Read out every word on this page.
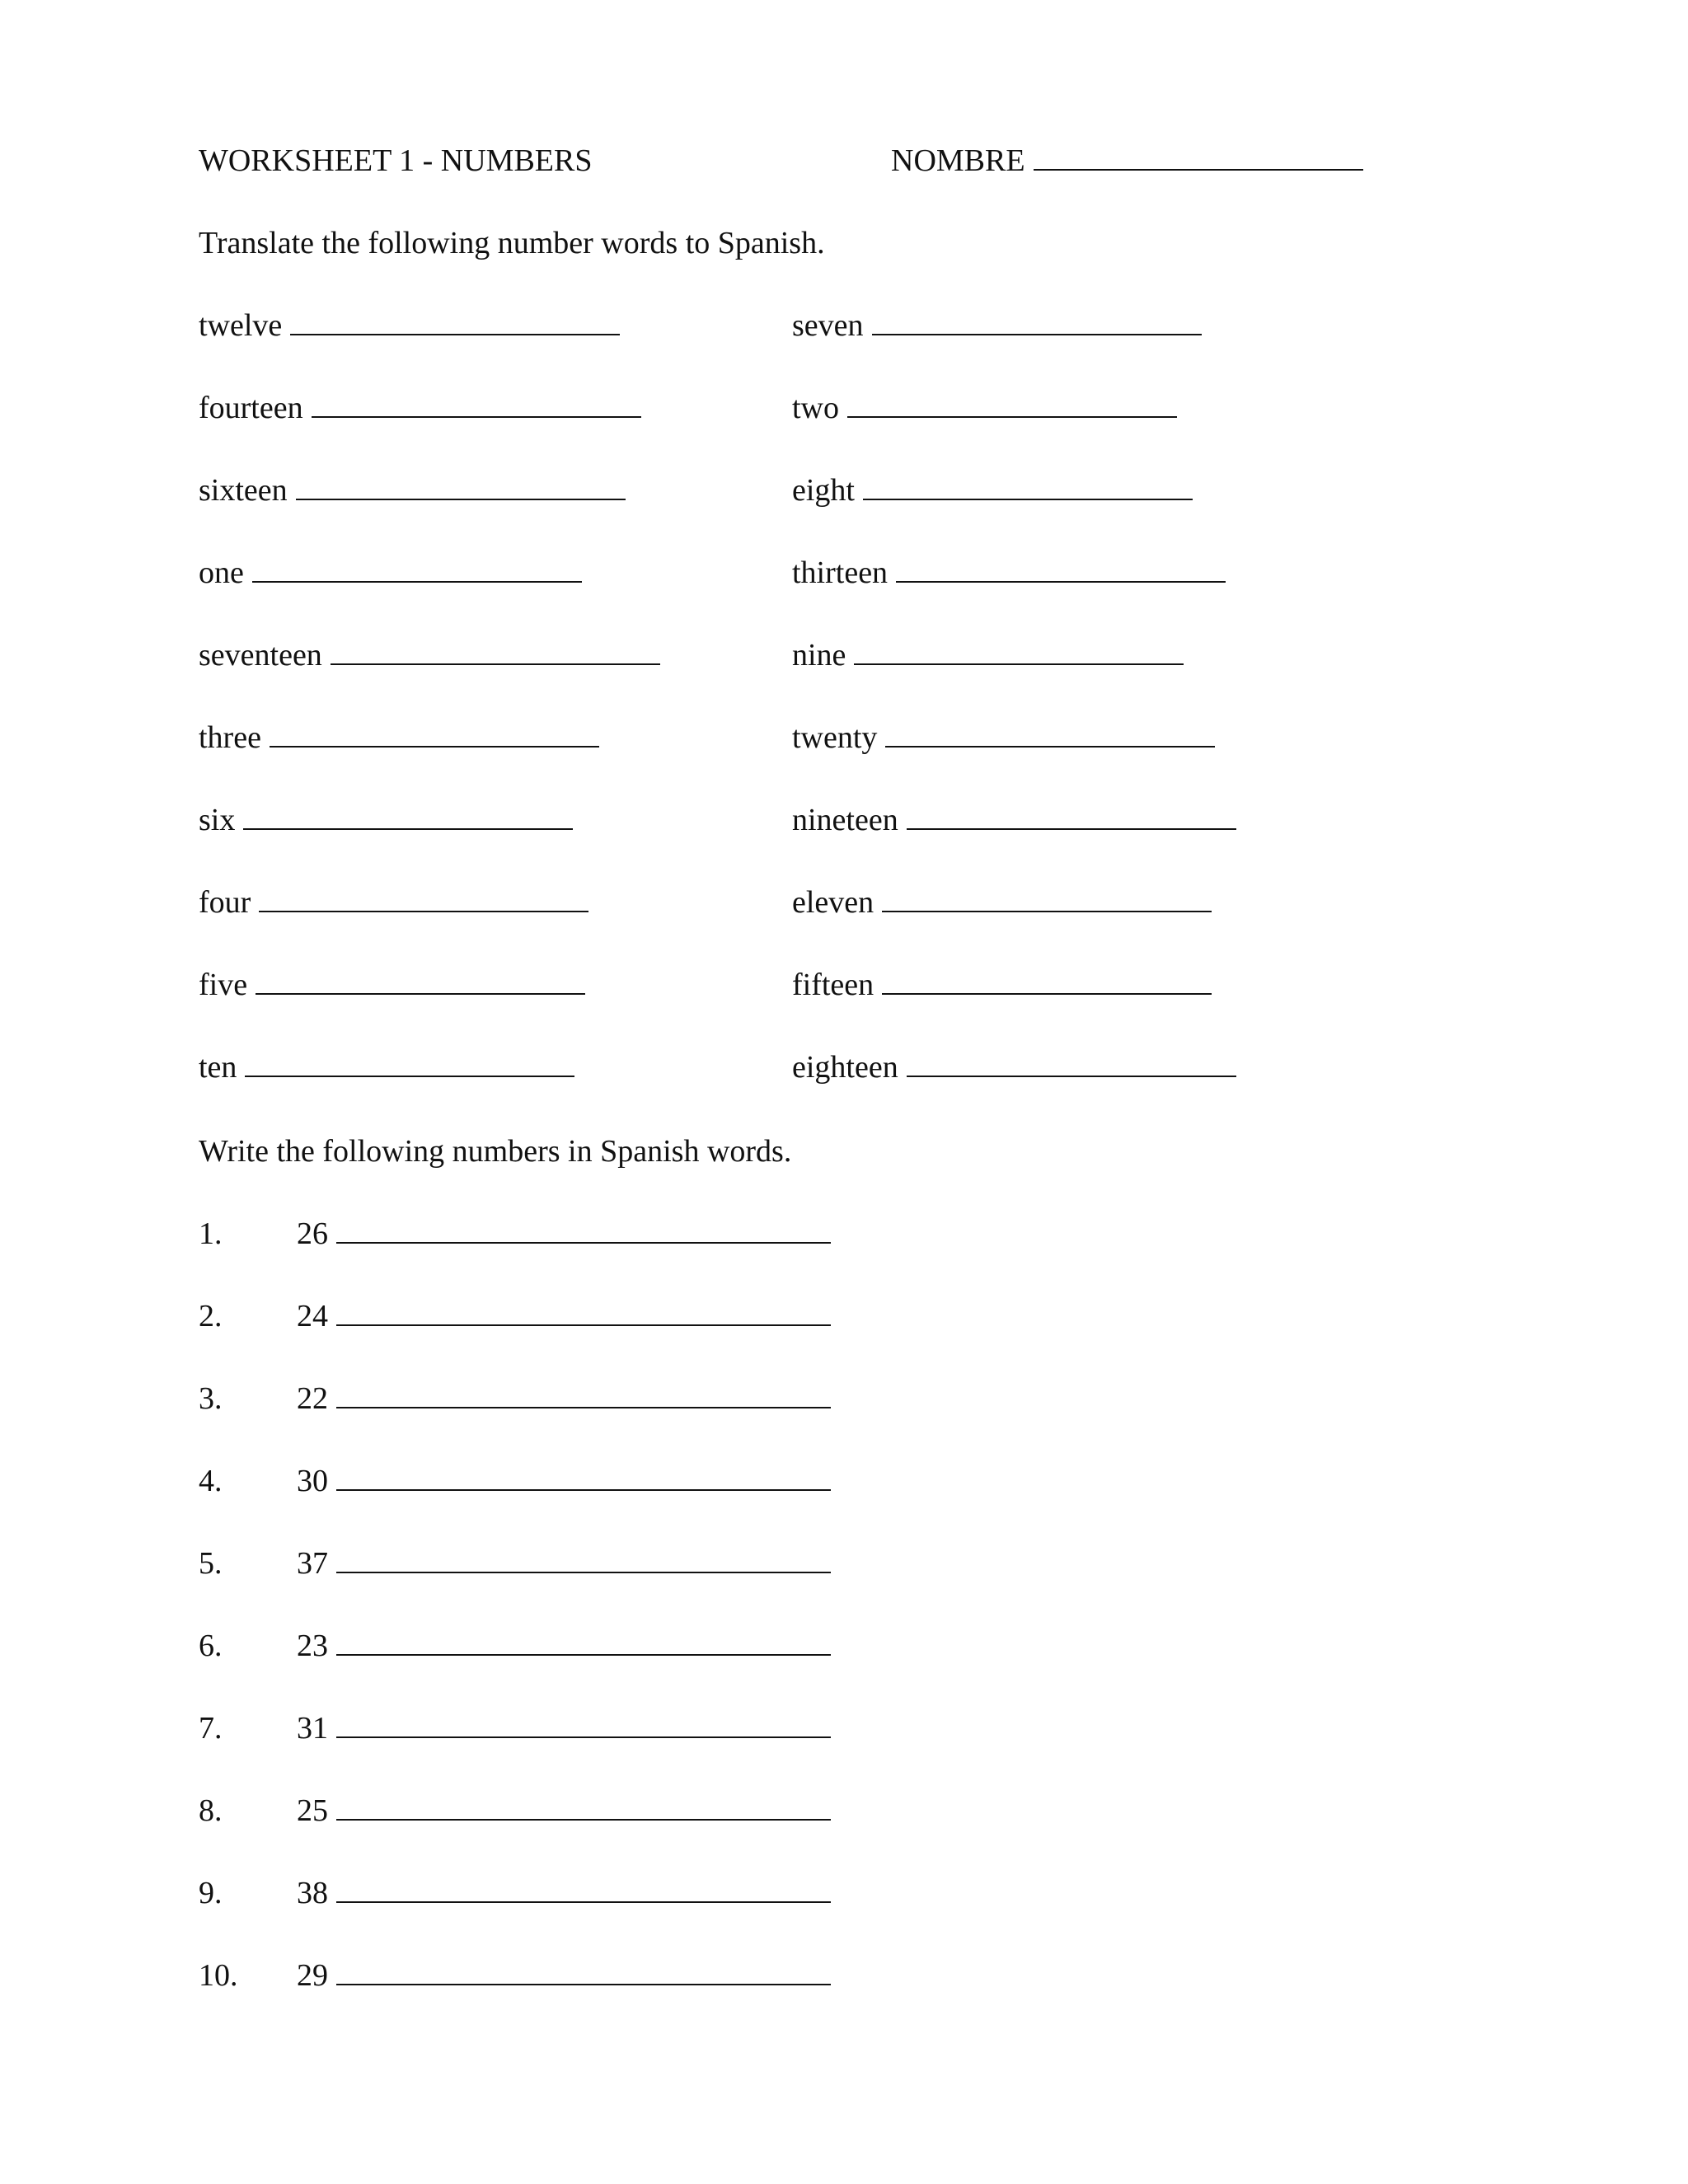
WORKSHEET 1 - NUMBERS	NOMBRE
Translate the following number words to Spanish.
twelve
fourteen
sixteen
one
seventeen
three
six
four
five
ten
seven
two
eight
thirteen
nine
twenty
nineteen
eleven
fifteen
eighteen
Write the following numbers in Spanish words.
1. 26
2. 24
3. 22
4. 30
5. 37
6. 23
7. 31
8. 25
9. 38
10. 29
